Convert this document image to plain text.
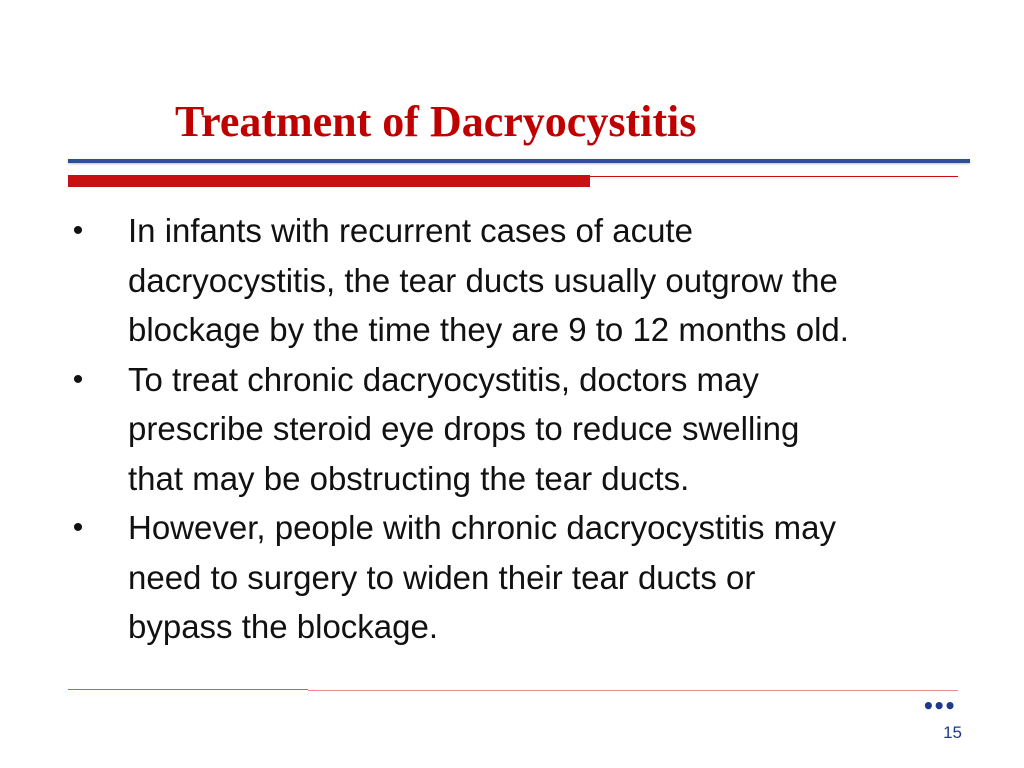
Treatment of Dacryocystitis
• In infants with recurrent cases of acute
dacryocystitis, the tear ducts usually outgrow the
blockage by the time they are 9 to 12 months old.
• To treat chronic dacryocystitis, doctors may
prescribe steroid eye drops to reduce swelling
that may be obstructing the tear ducts.
• However, people with chronic dacryocystitis may
need to surgery to widen their tear ducts or
bypass the blockage.
•••
15
